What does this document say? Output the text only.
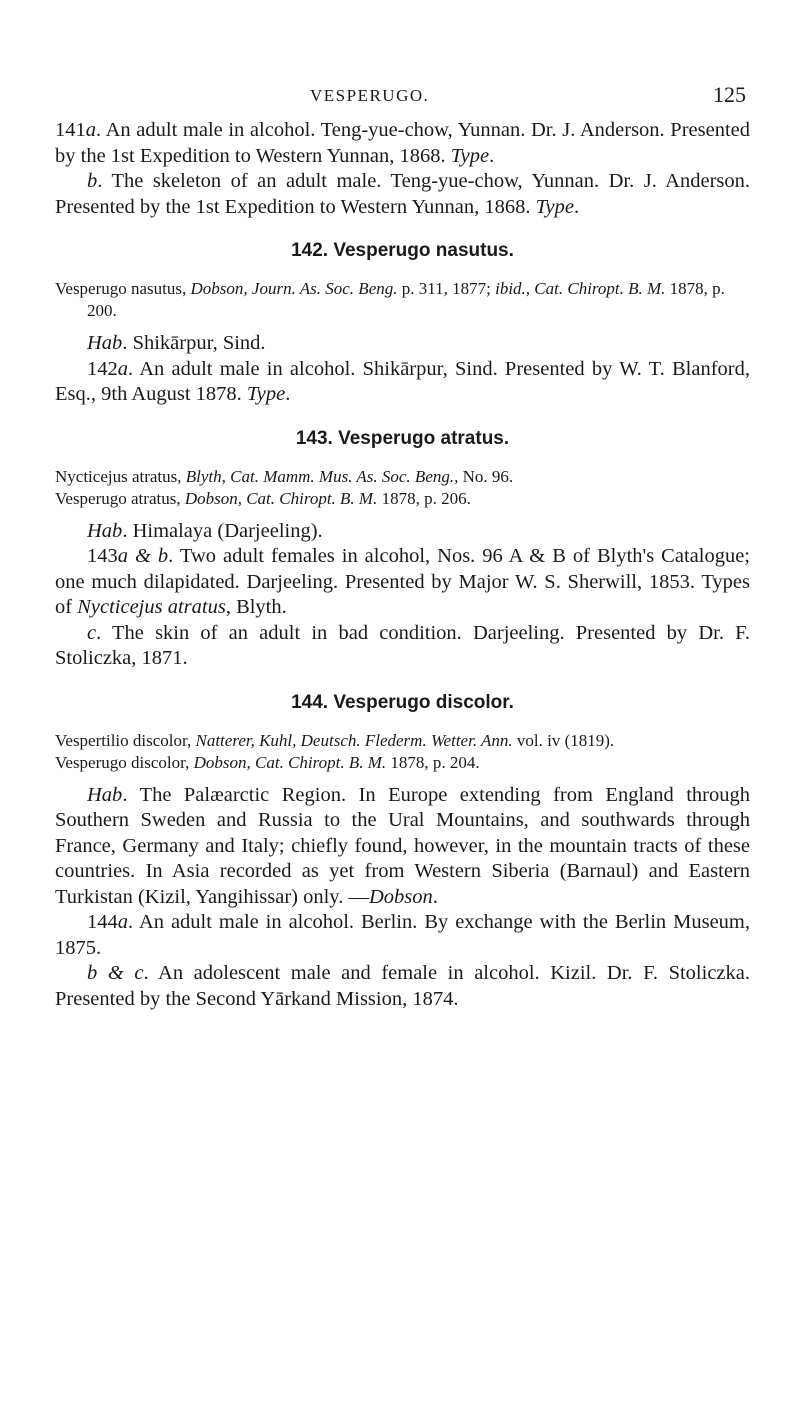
VESPERUGO.	125

141a. An adult male in alcohol. Teng-yue-chow, Yunnan. Dr. J. Anderson. Presented by the 1st Expedition to Western Yunnan, 1868. Type.

b. The skeleton of an adult male. Teng-yue-chow, Yunnan. Dr. J. Anderson. Presented by the 1st Expedition to Western Yunnan, 1868. Type.

142. Vesperugo nasutus.

Vesperugo nasutus, Dobson, Journ. As. Soc. Beng. p. 311, 1877; ibid., Cat. Chiropt. B. M. 1878, p. 200.

Hab. Shikārpur, Sind.

142a. An adult male in alcohol. Shikārpur, Sind. Presented by W. T. Blanford, Esq., 9th August 1878. Type.

143. Vesperugo atratus.

Nycticejus atratus, Blyth, Cat. Mamm. Mus. As. Soc. Beng., No. 96.

Vesperugo atratus, Dobson, Cat. Chiropt. B. M. 1878, p. 206.

Hab. Himalaya (Darjeeling).

143a & b. Two adult females in alcohol, Nos. 96 A & B of Blyth's Catalogue; one much dilapidated. Darjeeling. Presented by Major W. S. Sherwill, 1853. Types of Nycticejus atratus, Blyth.

c. The skin of an adult in bad condition. Darjeeling. Presented by Dr. F. Stoliczka, 1871.

144. Vesperugo discolor.

Vespertilio discolor, Natterer, Kuhl, Deutsch. Flederm. Wetter. Ann. vol. iv (1819).

Vesperugo discolor, Dobson, Cat. Chiropt. B. M. 1878, p. 204.

Hab. The Palæarctic Region. In Europe extending from England through Southern Sweden and Russia to the Ural Mountains, and southwards through France, Germany and Italy; chiefly found, however, in the mountain tracts of these countries. In Asia recorded as yet from Western Siberia (Barnaul) and Eastern Turkistan (Kizil, Yangihissar) only. —Dobson.

144a. An adult male in alcohol. Berlin. By exchange with the Berlin Museum, 1875.

b & c. An adolescent male and female in alcohol. Kizil. Dr. F. Stoliczka. Presented by the Second Yārkand Mission, 1874.
